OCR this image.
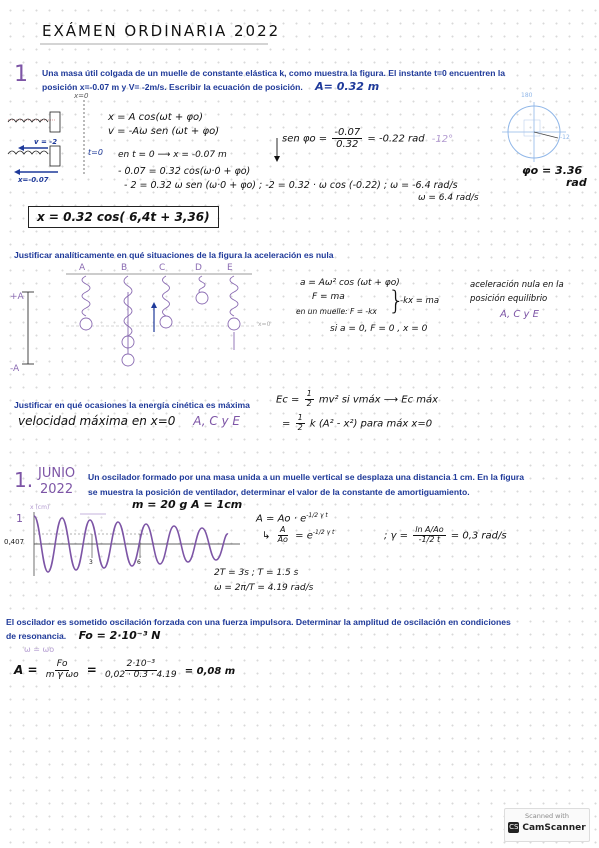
EXÁMEN ORDINARIA 2022
1 Una masa útil colgada de un muelle de constante elástica k, como muestra la figura. El instante t=0 encuentren la
posición x=-0.07 m y V= -2m/s. Escribir la ecuación de posición. A= 0.32 m
x=0
v = -2
t=0
x=-0.07
x = A cos(ωt + φo)
v = -Aω sen (ωt + φo)
en t = 0 ⟶ x = -0.07 m
- 0.07 = 0.32 cos(ω·0 + φo)
- 2 = 0.32 ω sen (ω·0 + φo) ; -2 = 0.32 · ω cos (-0.22) ; ω = -6.4 rad/s
ω = 6.4 rad/s
sen $\varphi o = \frac{-0.07}{0.32} = -0.22$ rad -12°
180
-12
φo = 3.36
rad
x = 0.32 cos( 6,4t + 3,36)
Justificar analíticamente en qué situaciones de la figura la aceleración es nula
A	B	C	D	E
+A
-A
x=0
a = Aω² cos (ωt + φo)
F = ma
en un muelle: F = -kx }
-kx = ma
si a = 0, F = 0 , x = 0
aceleración nula en la
posición equilibrio
A, C y E
Justificar en qué ocasiones la energía cinética es máxima	$Ec = \frac{1}{2} mv^2$ si vmáx ⟶ Ec máx
= $\frac{1}{2}$ k (A² - x²) para máx x=0
velocidad máxima en x=0 A, C y E
1. JUNIO
2022
Un oscilador formado por una masa unida a un muelle vertical se desplaza una distancia 1 cm. En la figura
se muestra la posición de ventilador, determinar el valor de la constante de amortiguamiento.
m = 20 g A = 1cm
x (cm)
1
0,407
3	6
$A = Ao \cdot e^{-1/2 \gamma t}$
↳ $\frac{A}{Ao} = e^{-1/2 \gamma t}$	; $\gamma = \frac{\text{ln A/Ao}}{-1/2 t} = 0,3$ rad/s
2T = 3s ; T = 1.5 s
ω = 2π/T = 4.19 rad/s
El oscilador es sometido oscilación forzada con una fuerza impulsora. Determinar la amplitud de oscilación en condiciones
de resonancia. Fo = 2·10⁻³ N
ω = ωo
$A = \frac{Fo}{\text{m γ ωo}} = \frac{\text{2·10⁻³}}{0,02 \cdot 0.3 \cdot 4.19} = 0,08$ m
Scanned with
CS CamScanner
